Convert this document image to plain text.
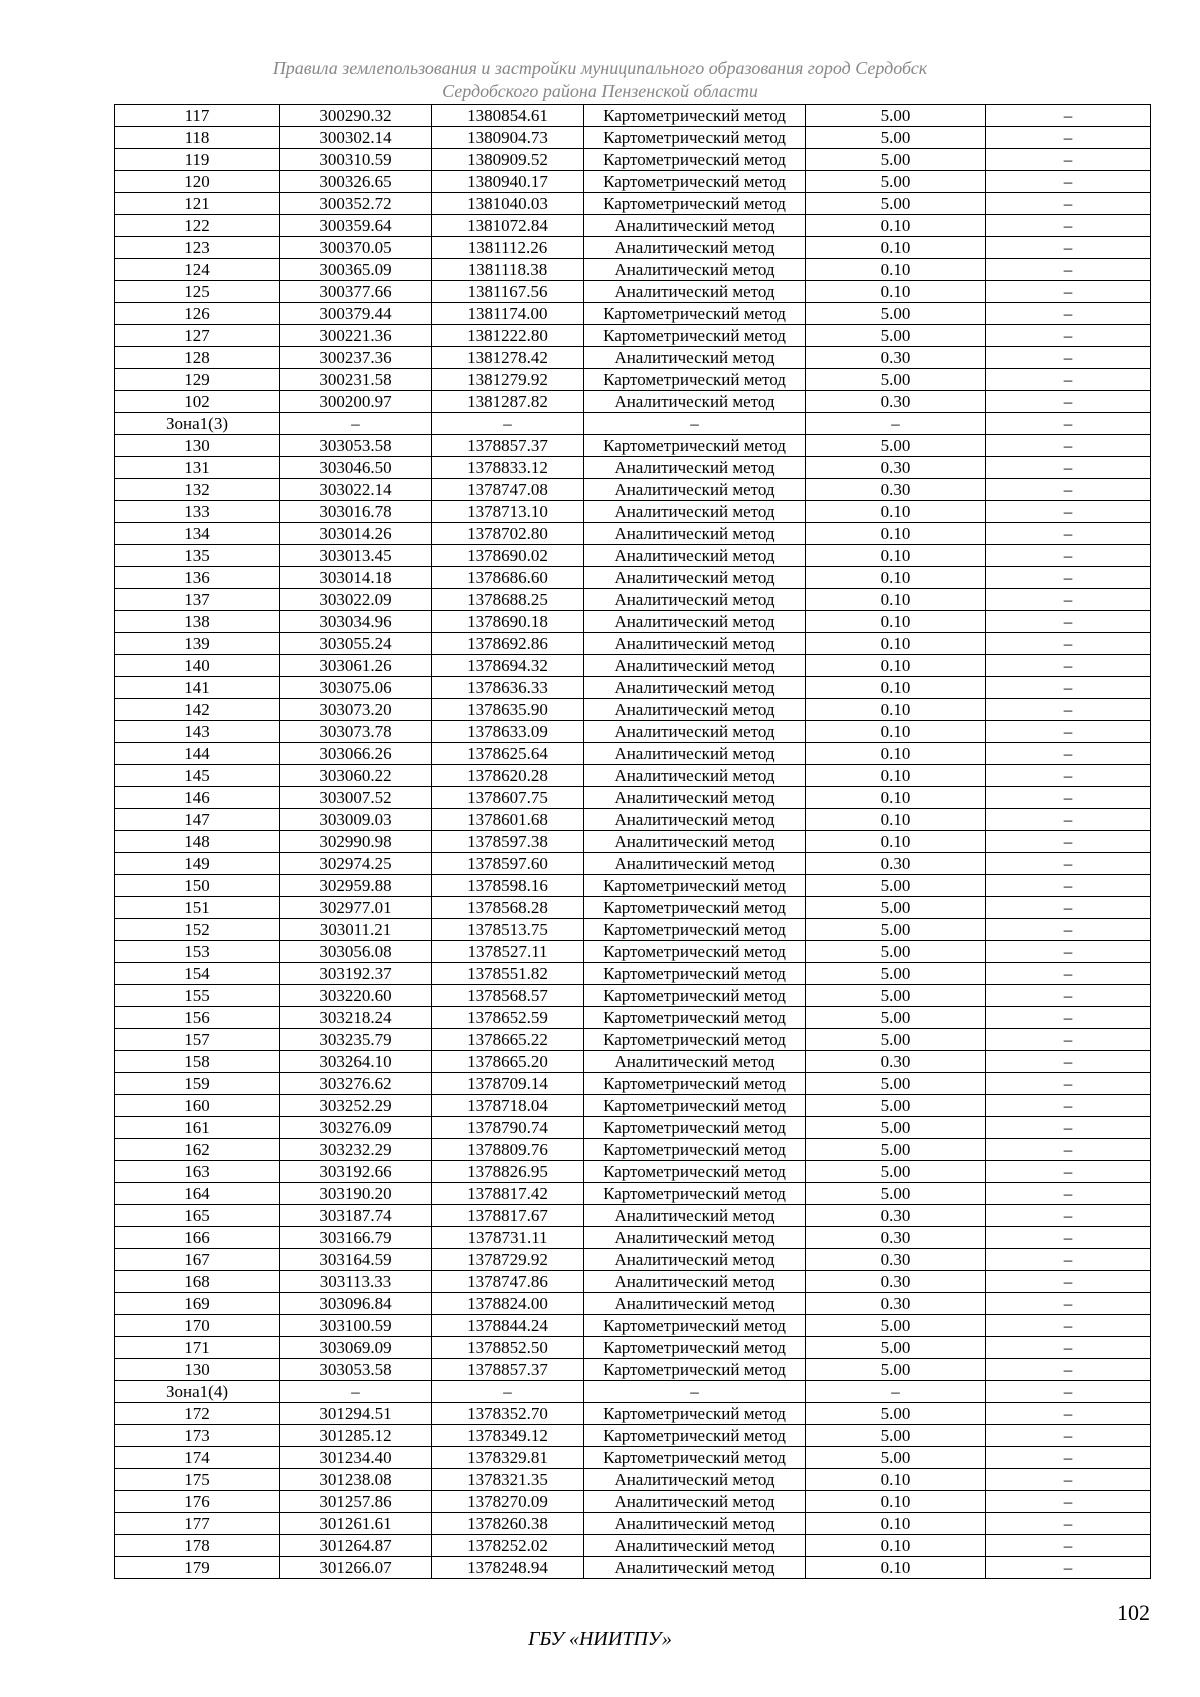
Правила землепользования и застройки муниципального образования город Сердобск
Сердобского района Пензенской области
117	300290.32	1380854.61	Картометрический метод	5.00	–
118	300302.14	1380904.73	Картометрический метод	5.00	–
119	300310.59	1380909.52	Картометрический метод	5.00	–
120	300326.65	1380940.17	Картометрический метод	5.00	–
121	300352.72	1381040.03	Картометрический метод	5.00	–
122	300359.64	1381072.84	Аналитический метод	0.10	–
123	300370.05	1381112.26	Аналитический метод	0.10	–
124	300365.09	1381118.38	Аналитический метод	0.10	–
125	300377.66	1381167.56	Аналитический метод	0.10	–
126	300379.44	1381174.00	Картометрический метод	5.00	–
127	300221.36	1381222.80	Картометрический метод	5.00	–
128	300237.36	1381278.42	Аналитический метод	0.30	–
129	300231.58	1381279.92	Картометрический метод	5.00	–
102	300200.97	1381287.82	Аналитический метод	0.30	–
Зона1(3)	–	–	–	–	–
130	303053.58	1378857.37	Картометрический метод	5.00	–
131	303046.50	1378833.12	Аналитический метод	0.30	–
132	303022.14	1378747.08	Аналитический метод	0.30	–
133	303016.78	1378713.10	Аналитический метод	0.10	–
134	303014.26	1378702.80	Аналитический метод	0.10	–
135	303013.45	1378690.02	Аналитический метод	0.10	–
136	303014.18	1378686.60	Аналитический метод	0.10	–
137	303022.09	1378688.25	Аналитический метод	0.10	–
138	303034.96	1378690.18	Аналитический метод	0.10	–
139	303055.24	1378692.86	Аналитический метод	0.10	–
140	303061.26	1378694.32	Аналитический метод	0.10	–
141	303075.06	1378636.33	Аналитический метод	0.10	–
142	303073.20	1378635.90	Аналитический метод	0.10	–
143	303073.78	1378633.09	Аналитический метод	0.10	–
144	303066.26	1378625.64	Аналитический метод	0.10	–
145	303060.22	1378620.28	Аналитический метод	0.10	–
146	303007.52	1378607.75	Аналитический метод	0.10	–
147	303009.03	1378601.68	Аналитический метод	0.10	–
148	302990.98	1378597.38	Аналитический метод	0.10	–
149	302974.25	1378597.60	Аналитический метод	0.30	–
150	302959.88	1378598.16	Картометрический метод	5.00	–
151	302977.01	1378568.28	Картометрический метод	5.00	–
152	303011.21	1378513.75	Картометрический метод	5.00	–
153	303056.08	1378527.11	Картометрический метод	5.00	–
154	303192.37	1378551.82	Картометрический метод	5.00	–
155	303220.60	1378568.57	Картометрический метод	5.00	–
156	303218.24	1378652.59	Картометрический метод	5.00	–
157	303235.79	1378665.22	Картометрический метод	5.00	–
158	303264.10	1378665.20	Аналитический метод	0.30	–
159	303276.62	1378709.14	Картометрический метод	5.00	–
160	303252.29	1378718.04	Картометрический метод	5.00	–
161	303276.09	1378790.74	Картометрический метод	5.00	–
162	303232.29	1378809.76	Картометрический метод	5.00	–
163	303192.66	1378826.95	Картометрический метод	5.00	–
164	303190.20	1378817.42	Картометрический метод	5.00	–
165	303187.74	1378817.67	Аналитический метод	0.30	–
166	303166.79	1378731.11	Аналитический метод	0.30	–
167	303164.59	1378729.92	Аналитический метод	0.30	–
168	303113.33	1378747.86	Аналитический метод	0.30	–
169	303096.84	1378824.00	Аналитический метод	0.30	–
170	303100.59	1378844.24	Картометрический метод	5.00	–
171	303069.09	1378852.50	Картометрический метод	5.00	–
130	303053.58	1378857.37	Картометрический метод	5.00	–
Зона1(4)	–	–	–	–	–
172	301294.51	1378352.70	Картометрический метод	5.00	–
173	301285.12	1378349.12	Картометрический метод	5.00	–
174	301234.40	1378329.81	Картометрический метод	5.00	–
175	301238.08	1378321.35	Аналитический метод	0.10	–
176	301257.86	1378270.09	Аналитический метод	0.10	–
177	301261.61	1378260.38	Аналитический метод	0.10	–
178	301264.87	1378252.02	Аналитический метод	0.10	–
179	301266.07	1378248.94	Аналитический метод	0.10	–
102
ГБУ «НИИТПУ»
